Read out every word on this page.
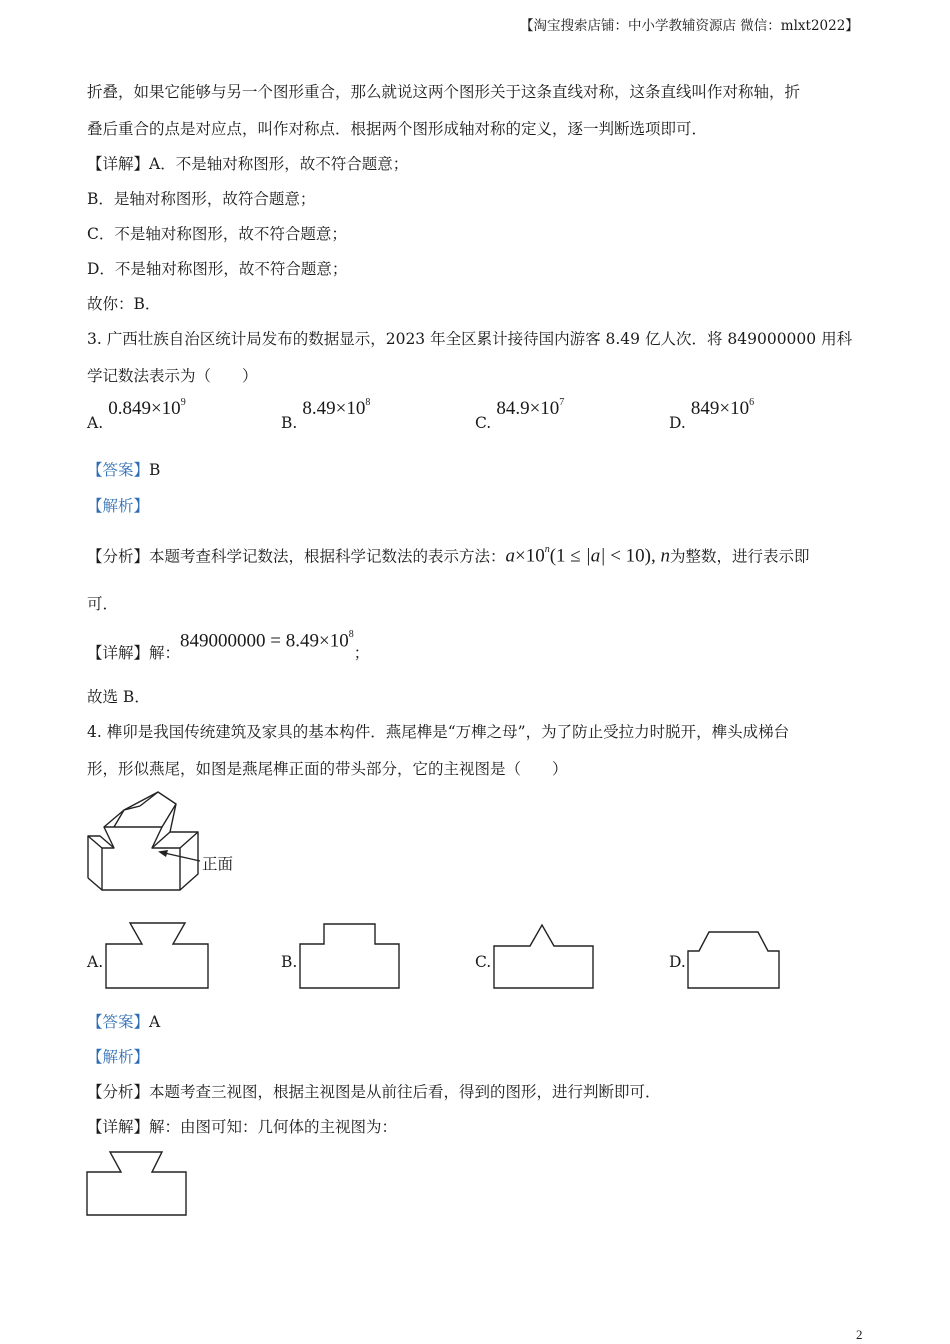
【淘宝搜索店铺：中小学教辅资源店 微信：mlxt2022】
折叠，如果它能够与另一个图形重合，那么就说这两个图形关于这条直线对称，这条直线叫作对称轴，折
叠后重合的点是对应点，叫作对称点．根据两个图形成轴对称的定义，逐一判断选项即可．
【详解】A．不是轴对称图形，故不符合题意；
B．是轴对称图形，故符合题意；
C．不是轴对称图形，故不符合题意；
D．不是轴对称图形，故不符合题意；
故你：B．
3. 广西壮族自治区统计局发布的数据显示，2023 年全区累计接待国内游客 8.49 亿人次．将 849000000 用科
学记数法表示为（　　）
A. $0.849\times 10^9$
B. $8.49\times 10^8$
C. $84.9\times 10^7$
D. $849\times 10^6$
【答案】B
【解析】
【分析】本题考查科学记数法，根据科学记数法的表示方法：$a\times 10^n(1 \le |a| < 10)$, n为整数，进行表示即
可．
【详解】解：$849000000 = 8.49\times 10^8$；
故选 B．
4. 榫卯是我国传统建筑及家具的基本构件．燕尾榫是“万榫之母”，为了防止受拉力时脱开，榫头成梯台
形，形似燕尾，如图是燕尾榫正面的带头部分，它的主视图是（　　）
正面
A.	B.	C.	D.
【答案】A
【解析】
【分析】本题考查三视图，根据主视图是从前往后看，得到的图形，进行判断即可．
【详解】解：由图可知：几何体的主视图为：
2
